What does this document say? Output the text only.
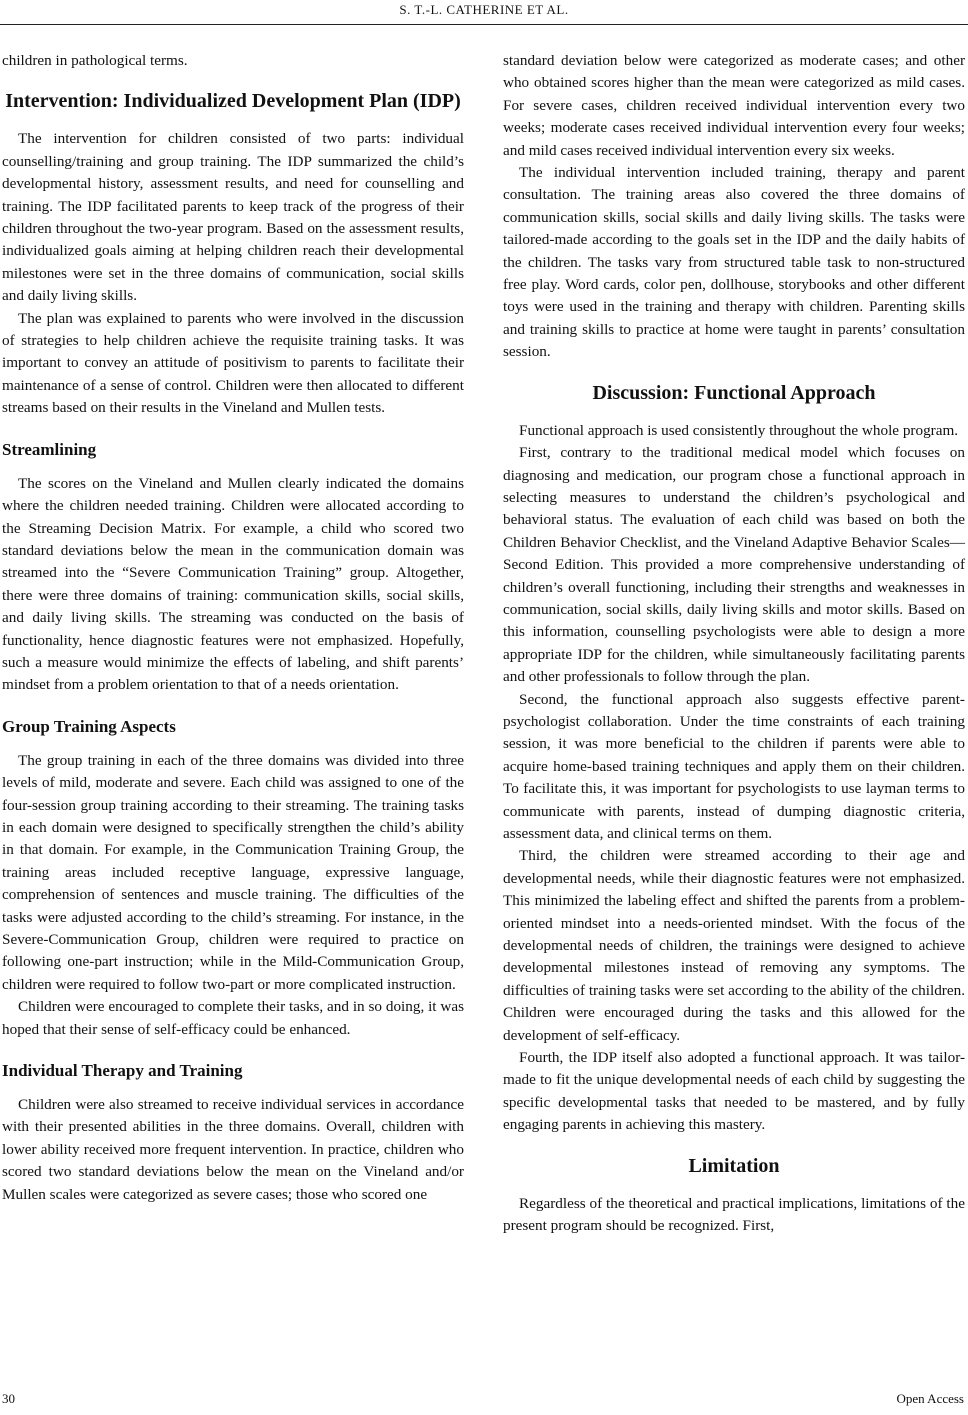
S. T.-L. CATHERINE ET AL.

children in pathological terms.

Intervention: Individualized Development Plan (IDP)

The intervention for children consisted of two parts: individual counselling/training and group training. The IDP summarized the child’s developmental history, assessment results, and need for counselling and training. The IDP facilitated parents to keep track of the progress of their children throughout the two-year program. Based on the assessment results, individualized goals aiming at helping children reach their developmental milestones were set in the three domains of communication, social skills and daily living skills.

The plan was explained to parents who were involved in the discussion of strategies to help children achieve the requisite training tasks. It was important to convey an attitude of positivism to parents to facilitate their maintenance of a sense of control. Children were then allocated to different streams based on their results in the Vineland and Mullen tests.

Streamlining

The scores on the Vineland and Mullen clearly indicated the domains where the children needed training. Children were allocated according to the Streaming Decision Matrix. For example, a child who scored two standard deviations below the mean in the communication domain was streamed into the “Severe Communication Training” group. Altogether, there were three domains of training: communication skills, social skills, and daily living skills. The streaming was conducted on the basis of functionality, hence diagnostic features were not emphasized. Hopefully, such a measure would minimize the effects of labeling, and shift parents’ mindset from a problem orientation to that of a needs orientation.

Group Training Aspects

The group training in each of the three domains was divided into three levels of mild, moderate and severe. Each child was assigned to one of the four-session group training according to their streaming. The training tasks in each domain were designed to specifically strengthen the child’s ability in that domain. For example, in the Communication Training Group, the training areas included receptive language, expressive language, comprehension of sentences and muscle training. The difficulties of the tasks were adjusted according to the child’s streaming. For instance, in the Severe-Communication Group, children were required to practice on following one-part instruction; while in the Mild-Communication Group, children were required to follow two-part or more complicated instruction.

Children were encouraged to complete their tasks, and in so doing, it was hoped that their sense of self-efficacy could be enhanced.

Individual Therapy and Training

Children were also streamed to receive individual services in accordance with their presented abilities in the three domains. Overall, children with lower ability received more frequent intervention. In practice, children who scored two standard deviations below the mean on the Vineland and/or Mullen scales were categorized as severe cases; those who scored one

standard deviation below were categorized as moderate cases; and other who obtained scores higher than the mean were categorized as mild cases. For severe cases, children received individual intervention every two weeks; moderate cases received individual intervention every four weeks; and mild cases received individual intervention every six weeks.

The individual intervention included training, therapy and parent consultation. The training areas also covered the three domains of communication skills, social skills and daily living skills. The tasks were tailored-made according to the goals set in the IDP and the daily habits of the children. The tasks vary from structured table task to non-structured free play. Word cards, color pen, dollhouse, storybooks and other different toys were used in the training and therapy with children. Parenting skills and training skills to practice at home were taught in parents’ consultation session.

Discussion: Functional Approach

Functional approach is used consistently throughout the whole program.

First, contrary to the traditional medical model which focuses on diagnosing and medication, our program chose a functional approach in selecting measures to understand the children’s psychological and behavioral status. The evaluation of each child was based on both the Children Behavior Checklist, and the Vineland Adaptive Behavior Scales—Second Edition. This provided a more comprehensive understanding of children’s overall functioning, including their strengths and weaknesses in communication, social skills, daily living skills and motor skills. Based on this information, counselling psychologists were able to design a more appropriate IDP for the children, while simultaneously facilitating parents and other professionals to follow through the plan.

Second, the functional approach also suggests effective parent-psychologist collaboration. Under the time constraints of each training session, it was more beneficial to the children if parents were able to acquire home-based training techniques and apply them on their children. To facilitate this, it was important for psychologists to use layman terms to communicate with parents, instead of dumping diagnostic criteria, assessment data, and clinical terms on them.

Third, the children were streamed according to their age and developmental needs, while their diagnostic features were not emphasized. This minimized the labeling effect and shifted the parents from a problem-oriented mindset into a needs-oriented mindset. With the focus of the developmental needs of children, the trainings were designed to achieve developmental milestones instead of removing any symptoms. The difficulties of training tasks were set according to the ability of the children. Children were encouraged during the tasks and this allowed for the development of self-efficacy.

Fourth, the IDP itself also adopted a functional approach. It was tailor-made to fit the unique developmental needs of each child by suggesting the specific developmental tasks that needed to be mastered, and by fully engaging parents in achieving this mastery.

Limitation

Regardless of the theoretical and practical implications, limitations of the present program should be recognized. First,

30	Open Access
